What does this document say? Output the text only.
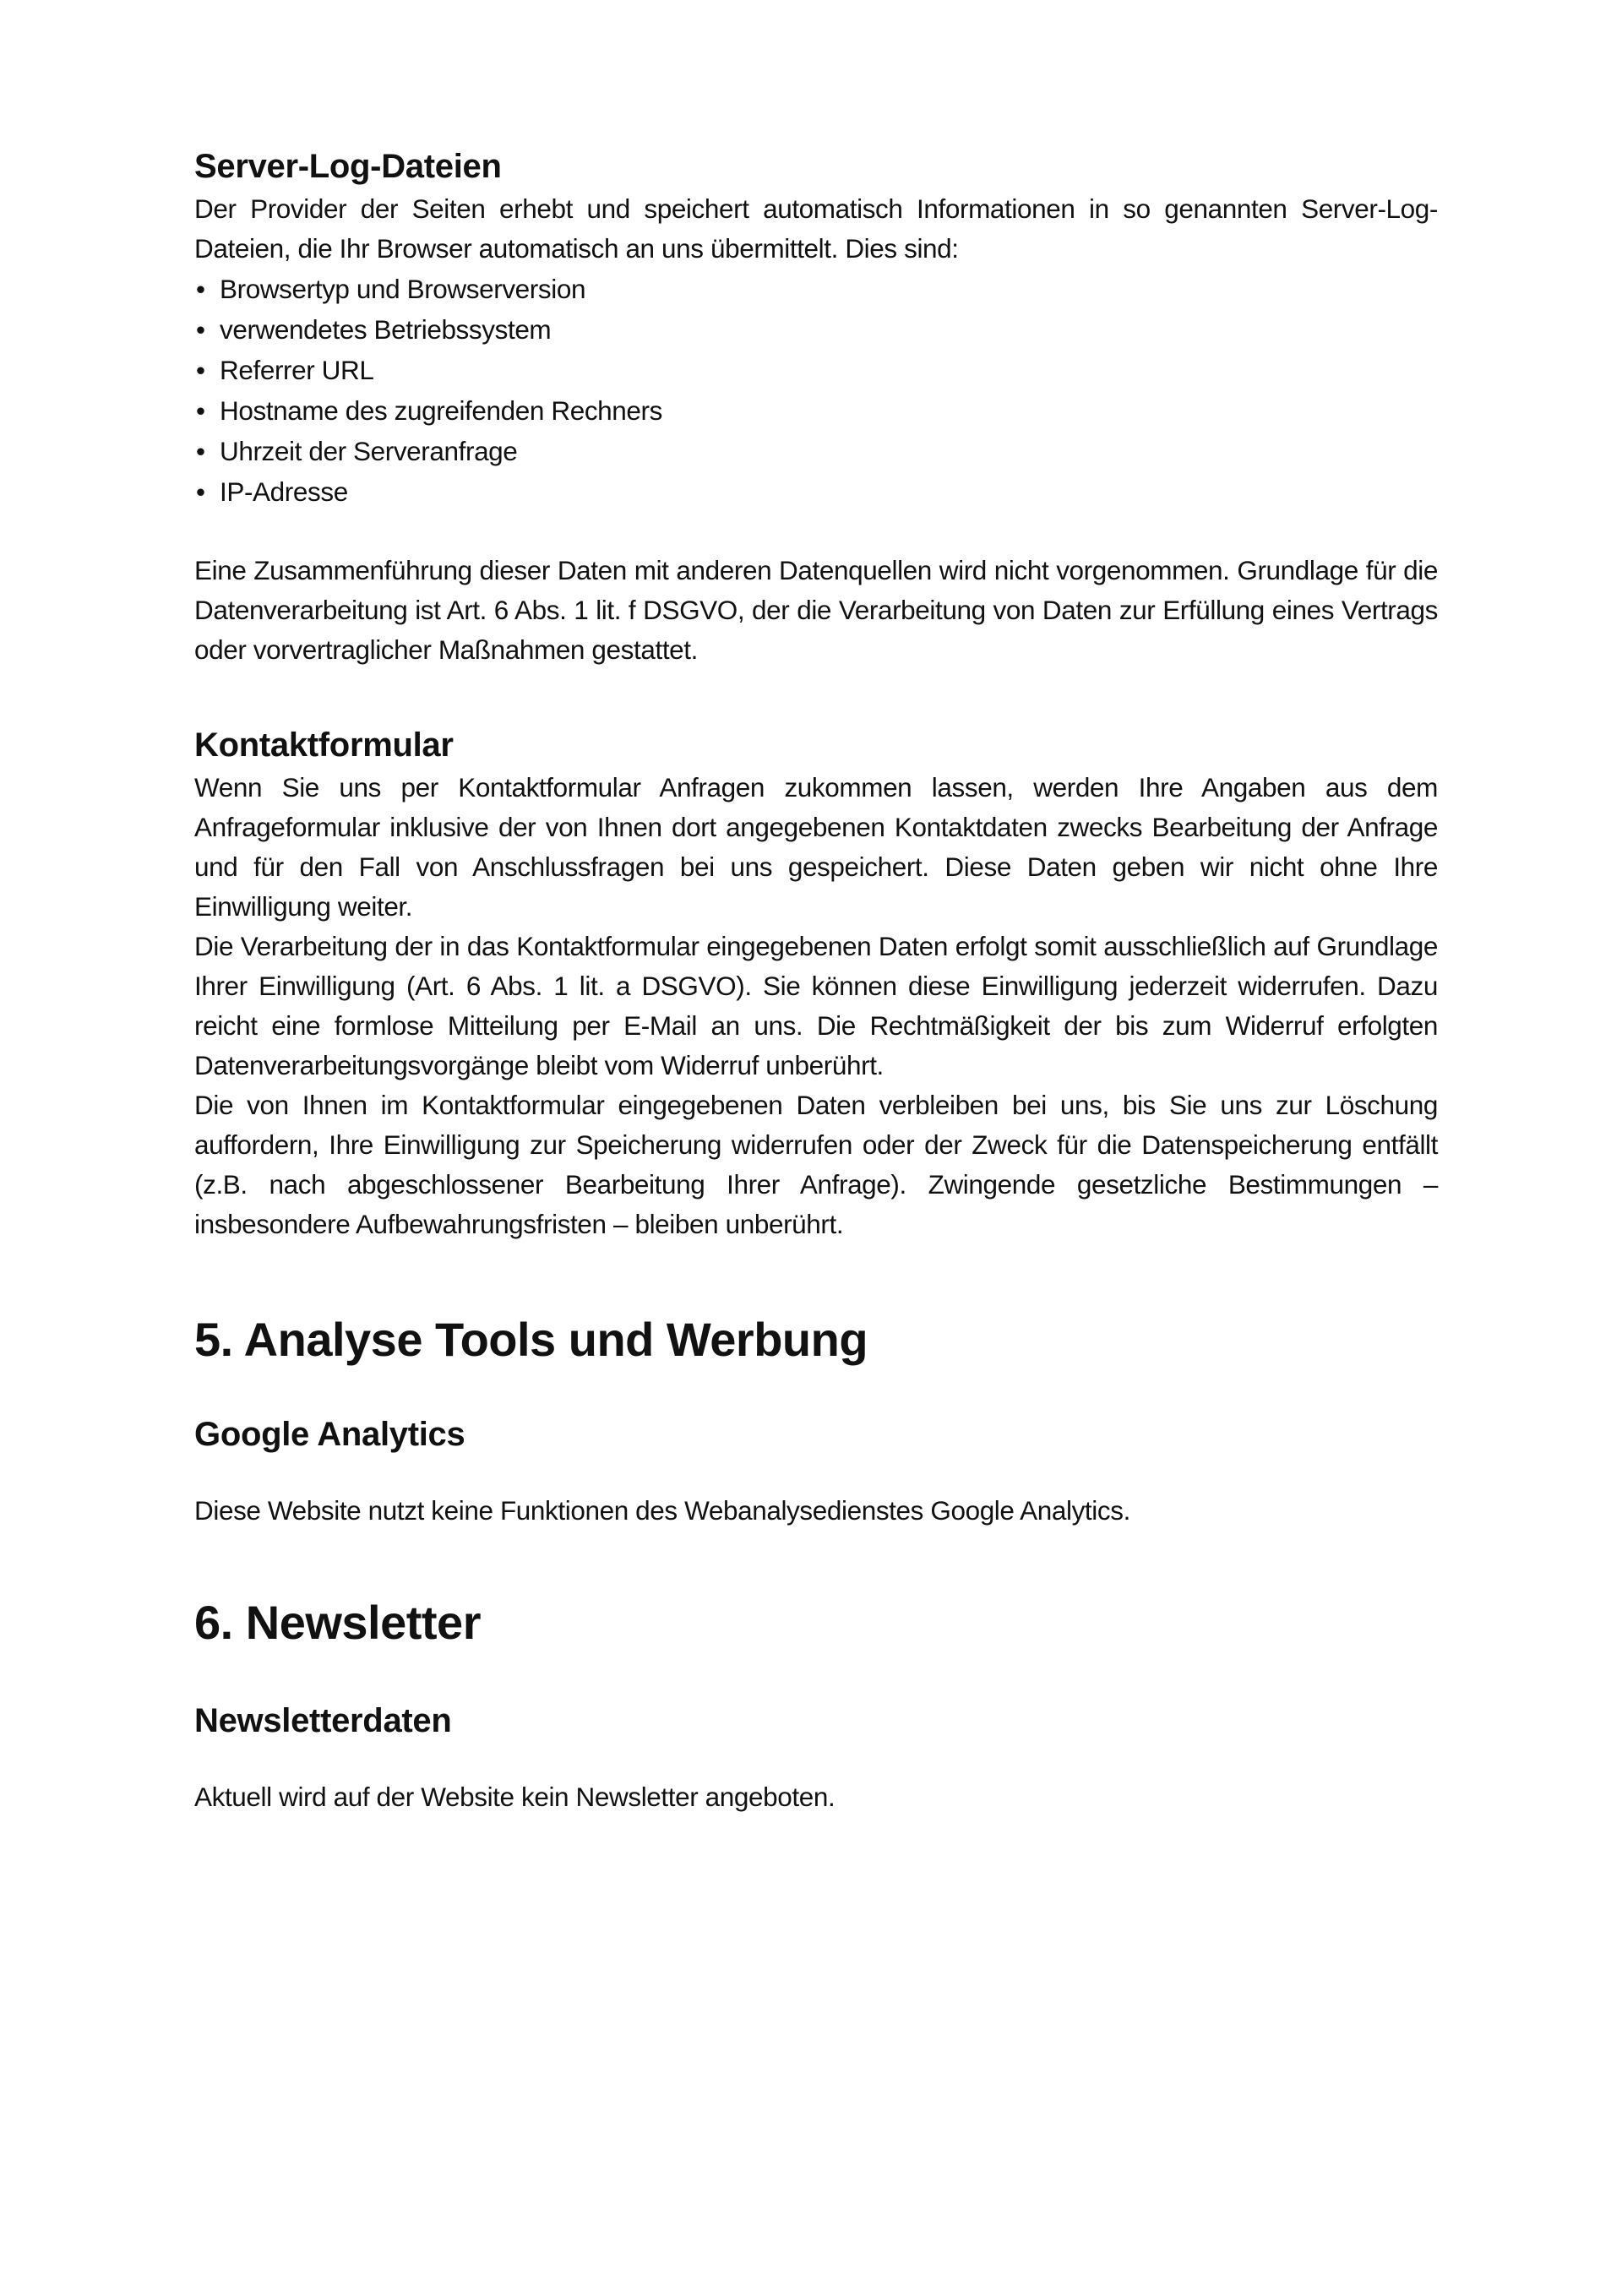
Server-Log-Dateien

Der Provider der Seiten erhebt und speichert automatisch Informationen in so genannten Server-Log-Dateien, die Ihr Browser automatisch an uns übermittelt. Dies sind:

• Browsertyp und Browserversion
• verwendetes Betriebssystem
• Referrer URL
• Hostname des zugreifenden Rechners
• Uhrzeit der Serveranfrage
• IP-Adresse

Eine Zusammenführung dieser Daten mit anderen Datenquellen wird nicht vorgenommen. Grundlage für die Datenverarbeitung ist Art. 6 Abs. 1 lit. f DSGVO, der die Verarbeitung von Daten zur Erfüllung eines Vertrags oder vorvertraglicher Maßnahmen gestattet.

Kontaktformular

Wenn Sie uns per Kontaktformular Anfragen zukommen lassen, werden Ihre Angaben aus dem Anfrageformular inklusive der von Ihnen dort angegebenen Kontaktdaten zwecks Bearbeitung der Anfrage und für den Fall von Anschlussfragen bei uns gespeichert. Diese Daten geben wir nicht ohne Ihre Einwilligung weiter.

Die Verarbeitung der in das Kontaktformular eingegebenen Daten erfolgt somit ausschließlich auf Grundlage Ihrer Einwilligung (Art. 6 Abs. 1 lit. a DSGVO). Sie können diese Einwilligung jederzeit widerrufen. Dazu reicht eine formlose Mitteilung per E-Mail an uns. Die Rechtmäßigkeit der bis zum Widerruf erfolgten Datenverarbeitungsvorgänge bleibt vom Widerruf unberührt.

Die von Ihnen im Kontaktformular eingegebenen Daten verbleiben bei uns, bis Sie uns zur Löschung auffordern, Ihre Einwilligung zur Speicherung widerrufen oder der Zweck für die Datenspeicherung entfällt (z.B. nach abgeschlossener Bearbeitung Ihrer Anfrage). Zwingende gesetzliche Bestimmungen – insbesondere Aufbewahrungsfristen – bleiben unberührt.

5. Analyse Tools und Werbung
Google Analytics

Diese Website nutzt keine Funktionen des Webanalysedienstes Google Analytics.

6. Newsletter
Newsletterdaten

Aktuell wird auf der Website kein Newsletter angeboten.
